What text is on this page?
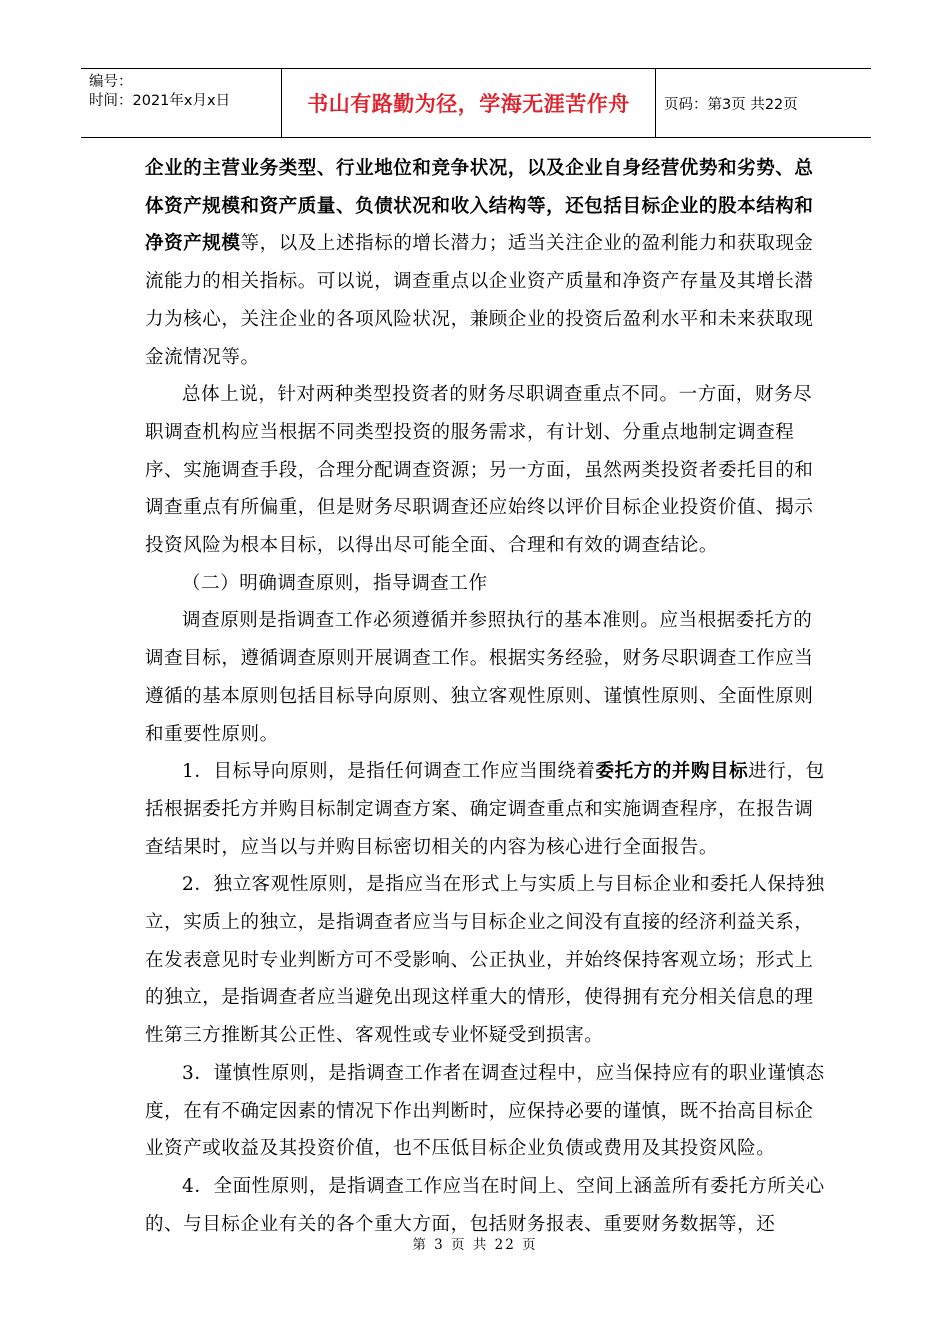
编号：
时间：2021年x月x日	书山有路勤为径，学海无涯苦作舟 页码：第3页 共22页

企业的主营业务类型、行业地位和竞争状况，以及企业自身经营优势和劣势、总体资产规模和资产质量、负债状况和收入结构等，还包括目标企业的股本结构和净资产规模等，以及上述指标的增长潜力；适当关注企业的盈利能力和获取现金流能力的相关指标。可以说，调查重点以企业资产质量和净资产存量及其增长潜力为核心，关注企业的各项风险状况，兼顾企业的投资后盈利水平和未来获取现金流情况等。

总体上说，针对两种类型投资者的财务尽职调查重点不同。一方面，财务尽职调查机构应当根据不同类型投资的服务需求，有计划、分重点地制定调查程序、实施调查手段，合理分配调查资源；另一方面，虽然两类投资者委托目的和调查重点有所偏重，但是财务尽职调查还应始终以评价目标企业投资价值、揭示投资风险为根本目标，以得出尽可能全面、合理和有效的调查结论。

（二）明确调查原则，指导调查工作

调查原则是指调查工作必须遵循并参照执行的基本准则。应当根据委托方的调查目标，遵循调查原则开展调查工作。根据实务经验，财务尽职调查工作应当遵循的基本原则包括目标导向原则、独立客观性原则、谨慎性原则、全面性原则和重要性原则。

1．目标导向原则，是指任何调查工作应当围绕着委托方的并购目标进行，包括根据委托方并购目标制定调查方案、确定调查重点和实施调查程序，在报告调查结果时，应当以与并购目标密切相关的内容为核心进行全面报告。

2．独立客观性原则，是指应当在形式上与实质上与目标企业和委托人保持独立，实质上的独立，是指调查者应当与目标企业之间没有直接的经济利益关系，在发表意见时专业判断方可不受影响、公正执业，并始终保持客观立场；形式上的独立，是指调查者应当避免出现这样重大的情形，使得拥有充分相关信息的理性第三方推断其公正性、客观性或专业怀疑受到损害。

3．谨慎性原则，是指调查工作者在调查过程中，应当保持应有的职业谨慎态度，在有不确定因素的情况下作出判断时，应保持必要的谨慎，既不抬高目标企业资产或收益及其投资价值，也不压低目标企业负债或费用及其投资风险。

4．全面性原则，是指调查工作应当在时间上、空间上涵盖所有委托方所关心的、与目标企业有关的各个重大方面，包括财务报表、重要财务数据等，还

第 3 页 共 22 页
